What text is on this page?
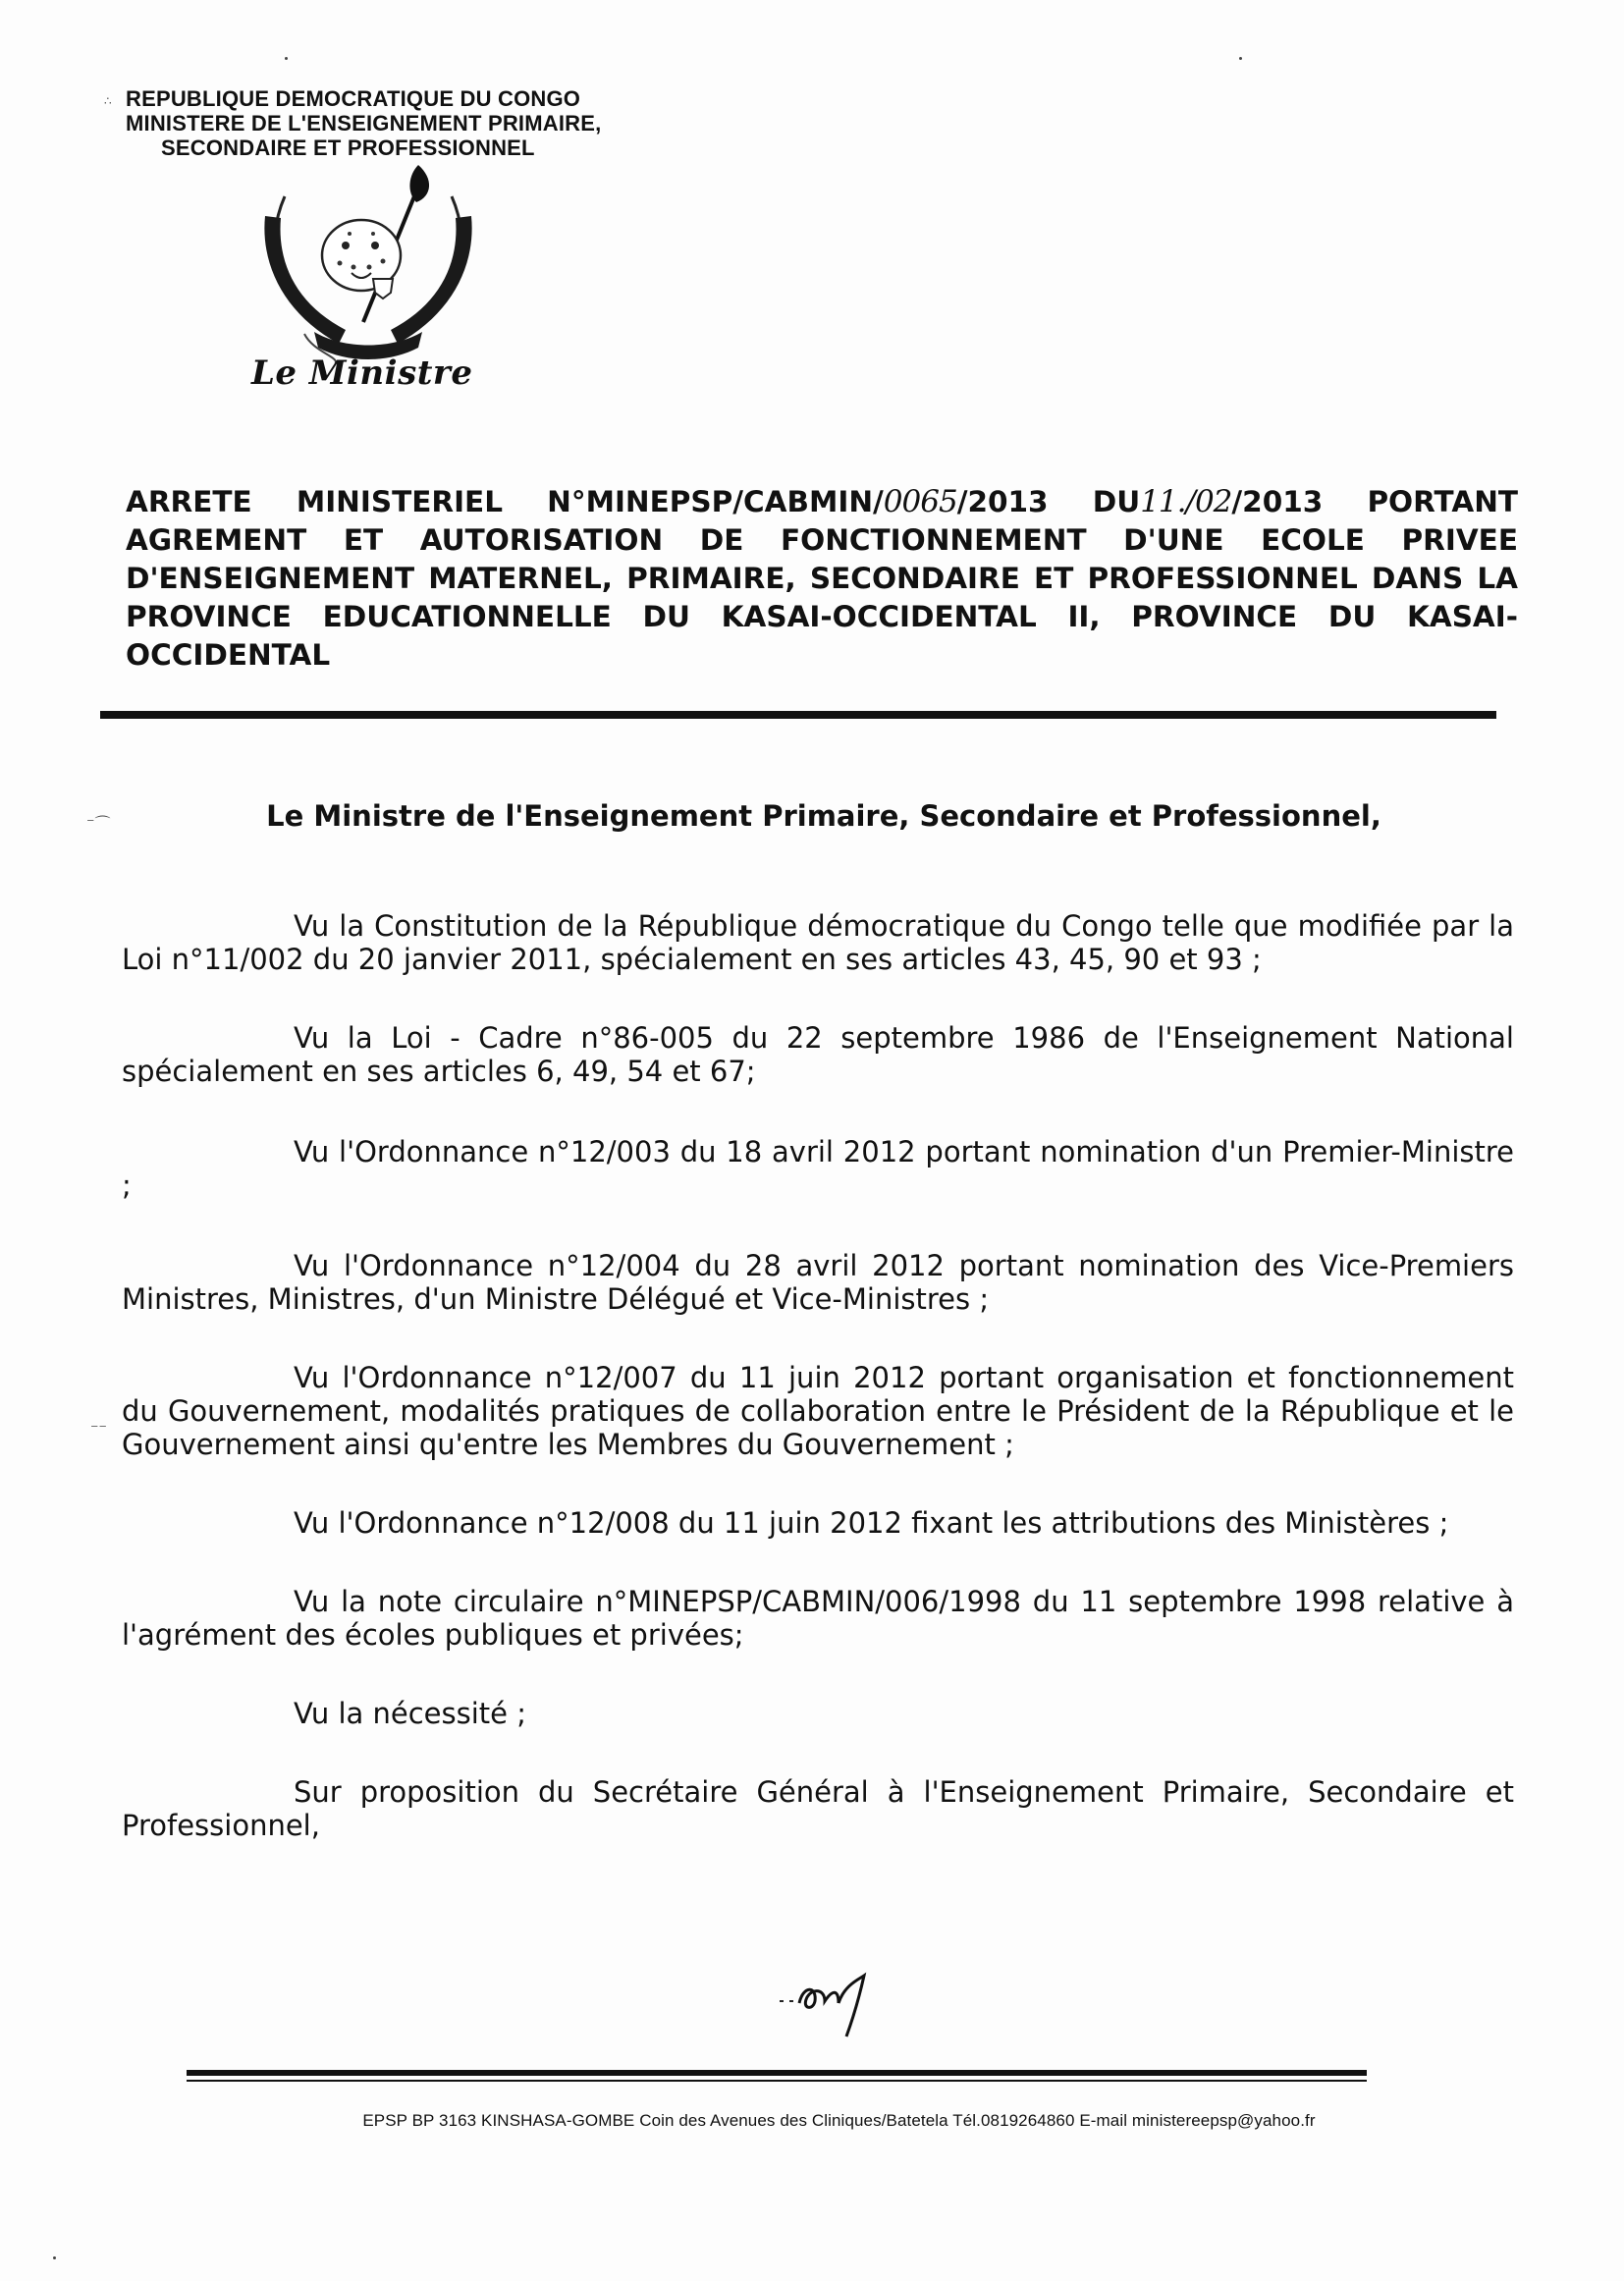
∴ REPUBLIQUE DEMOCRATIQUE DU CONGO
MINISTERE DE L'ENSEIGNEMENT PRIMAIRE,
SECONDAIRE ET PROFESSIONNEL
Le Ministre
ARRETE MINISTERIEL N°MINEPSP/CABMIN/0065/2013 DU11./02/2013 PORTANT AGREMENT ET AUTORISATION DE FONCTIONNEMENT D'UNE ECOLE PRIVEE D'ENSEIGNEMENT MATERNEL, PRIMAIRE, SECONDAIRE ET PROFESSIONNEL DANS LA PROVINCE EDUCATIONNELLE DU KASAI-OCCIDENTAL II, PROVINCE DU KASAI-OCCIDENTAL
⁻⌒	Le Ministre de l'Enseignement Primaire, Secondaire et Professionnel,

Vu la Constitution de la République démocratique du Congo telle que modifiée par la Loi n°11/002 du 20 janvier 2011, spécialement en ses articles 43, 45, 90 et 93 ;

Vu la Loi - Cadre n°86-005 du 22 septembre 1986 de l'Enseignement National spécialement en ses articles 6, 49, 54 et 67;

Vu l'Ordonnance n°12/003 du 18 avril 2012 portant nomination d'un Premier-Ministre ;

Vu l'Ordonnance n°12/004 du 28 avril 2012 portant nomination des Vice-Premiers Ministres, Ministres, d'un Ministre Délégué et Vice-Ministres ;

Vu l'Ordonnance n°12/007 du 11 juin 2012 portant organisation et fonctionnement du Gouvernement, modalités pratiques de collaboration entre le Président de la République et le Gouvernement ainsi qu'entre les Membres du Gouvernement ;

Vu l'Ordonnance n°12/008 du 11 juin 2012 fixant les attributions des Ministères ;

Vu la note circulaire n°MINEPSP/CABMIN/006/1998 du 11 septembre 1998 relative à l'agrément des écoles publiques et privées;

Vu la nécessité ;

Sur proposition du Secrétaire Général à l'Enseignement Primaire, Secondaire et Professionnel,

⁻⁻
EPSP BP 3163 KINSHASA-GOMBE Coin des Avenues des Cliniques/Batetela Tél.0819264860 E-mail ministereepsp@yahoo.fr
